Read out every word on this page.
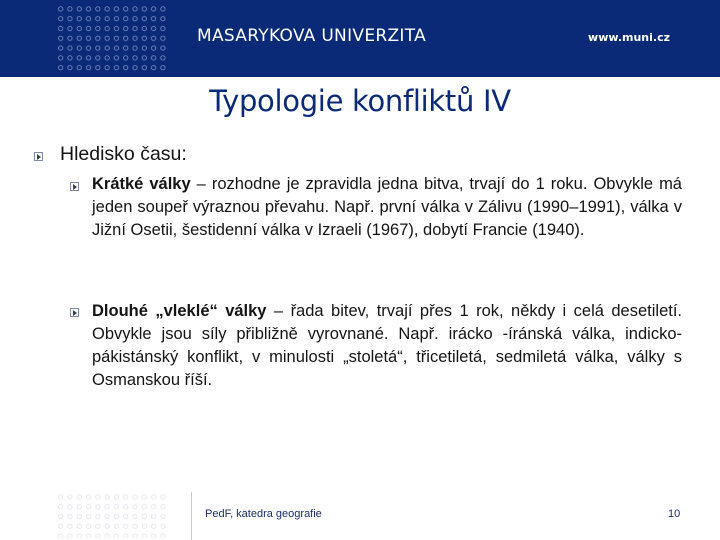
MASARYKOVA UNIVERZITA	www.muni.cz
Typologie konfliktů IV
Hledisko času:
Krátké války – rozhodne je zpravidla jedna bitva, trvají do 1 roku. Obvykle má jeden soupeř výraznou převahu. Např. první válka v Zálivu (1990–1991), válka v Jižní Osetii, šestidenní válka v Izraeli (1967), dobytí Francie (1940).
Dlouhé „vleklé“ války – řada bitev, trvají přes 1 rok, někdy i celá desetiletí. Obvykle jsou síly přibližně vyrovnané. Např. irácko -íránská válka, indicko-pákistánský konflikt, v minulosti „stoletá“, třicetiletá, sedmiletá válka, války s Osmanskou říší.
PedF, katedra geografie	10
